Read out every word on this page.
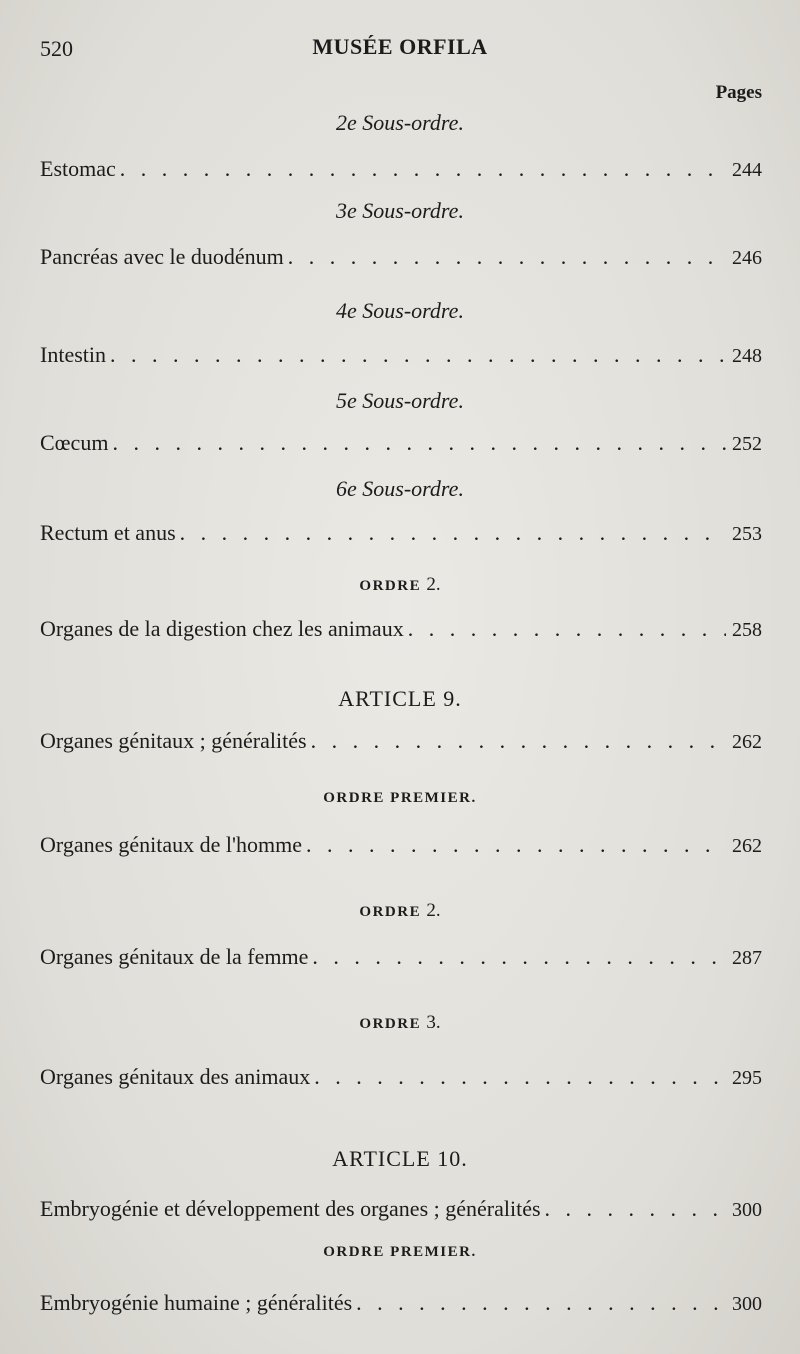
520	MUSÉE ORFILA
Pages
2e Sous-ordre.
Estomac . . .	244
3e Sous-ordre.
Pancréas avec le duodénum . . .	246
4e Sous-ordre.
Intestin . . .	248
5e Sous-ordre.
Cœcum . . .	252
6e Sous-ordre.
Rectum et anus . . .	253
ORDRE 2.
Organes de la digestion chez les animaux . . .	258
ARTICLE 9.
Organes génitaux ; généralités . . .	262
ORDRE PREMIER.
Organes génitaux de l'homme . . .	262
ORDRE 2.
Organes génitaux de la femme . . .	287
ORDRE 3.
Organes génitaux des animaux . . .	295
ARTICLE 10.
Embryogénie et développement des organes ; généralités . . .	300
ORDRE PREMIER.
Embryogénie humaine ; généralités . . .	300
